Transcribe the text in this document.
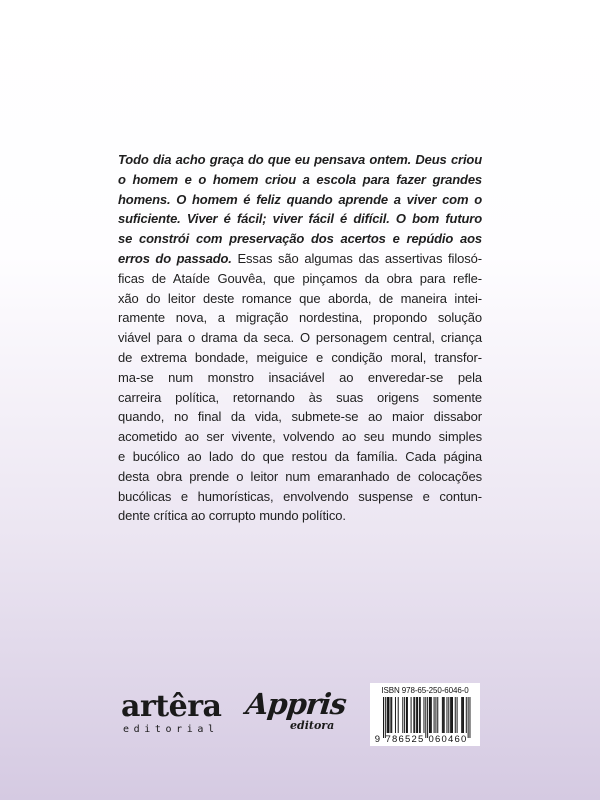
Todo dia acho graça do que eu pensava ontem. Deus criou
o homem e o homem criou a escola para fazer grandes
homens. O homem é feliz quando aprende a viver com o
suficiente. Viver é fácil; viver fácil é difícil. O bom futuro
se constrói com preservação dos acertos e repúdio aos
erros do passado. Essas são algumas das assertivas filosó-
ficas de Ataíde Gouvêa, que pinçamos da obra para refle-
xão do leitor deste romance que aborda, de maneira intei-
ramente nova, a migração nordestina, propondo solução
viável para o drama da seca. O personagem central, criança
de extrema bondade, meiguice e condição moral, transfor-
ma-se num monstro insaciável ao enveredar-se pela
carreira política, retornando às suas origens somente
quando, no final da vida, submete-se ao maior dissabor
acometido ao ser vivente, volvendo ao seu mundo simples
e bucólico ao lado do que restou da família. Cada página
desta obra prende o leitor num emaranhado de colocações
bucólicas e humorísticas, envolvendo suspense e contun-
dente crítica ao corrupto mundo político.
artêra
editorial
Appris
editora
ISBN 978-65-250-6046-0
9 786525 060460
